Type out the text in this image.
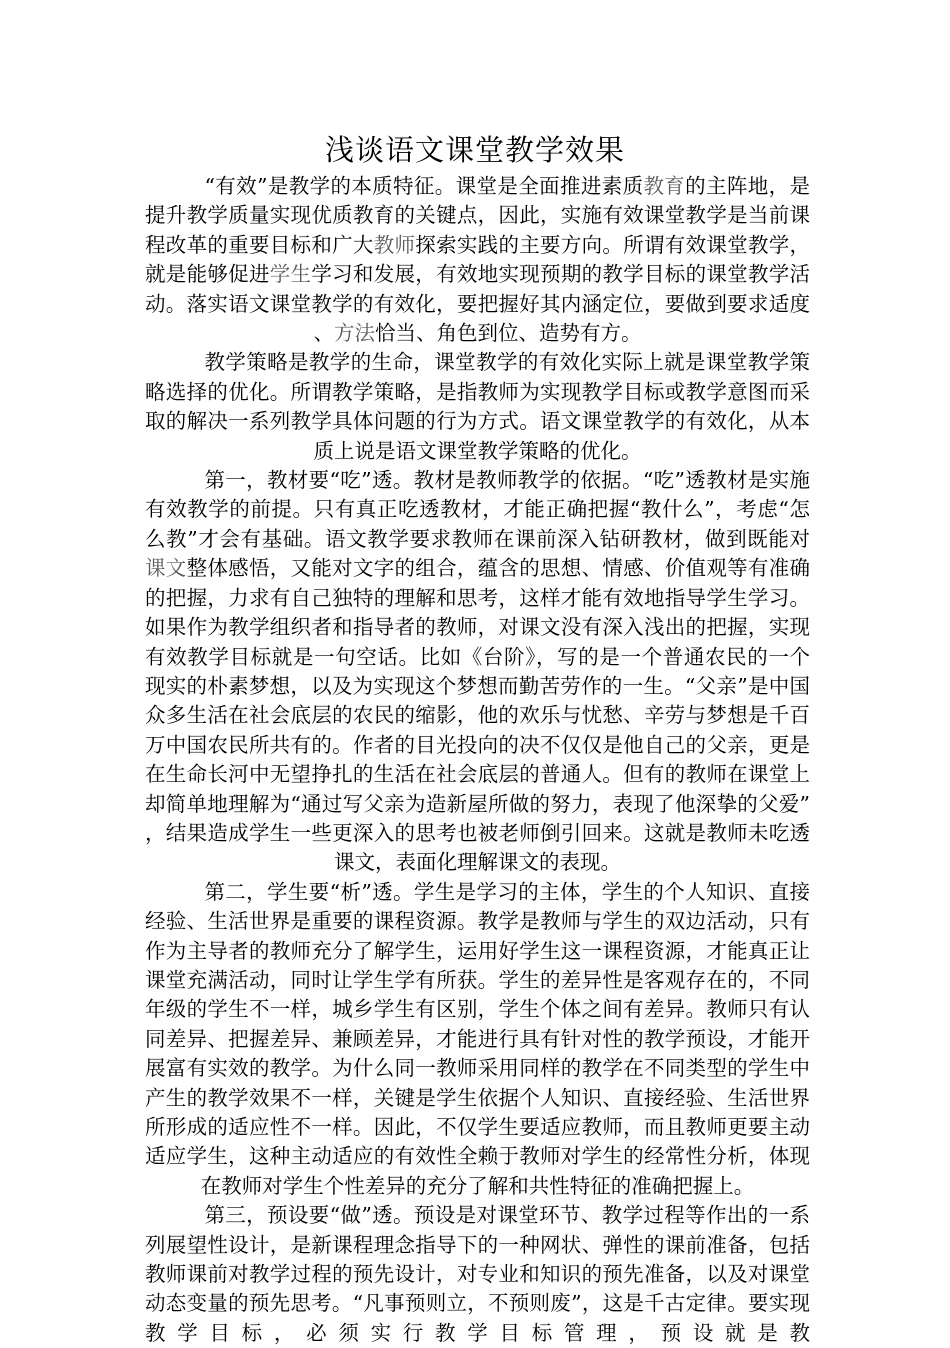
浅谈语文课堂教学效果

“有效”是教学的本质特征。课堂是全面推进素质教育的主阵地，是提升教学质量实现优质教育的关键点，因此，实施有效课堂教学是当前课程改革的重要目标和广大教师探索实践的主要方向。所谓有效课堂教学，就是能够促进学生学习和发展，有效地实现预期的教学目标的课堂教学活动。落实语文课堂教学的有效化，要把握好其内涵定位，要做到要求适度、方法恰当、角色到位、造势有方。

教学策略是教学的生命，课堂教学的有效化实际上就是课堂教学策略选择的优化。所谓教学策略，是指教师为实现教学目标或教学意图而采取的解决一系列教学具体问题的行为方式。语文课堂教学的有效化，从本质上说是语文课堂教学策略的优化。

第一，教材要“吃”透。教材是教师教学的依据。“吃”透教材是实施有效教学的前提。只有真正吃透教材，才能正确把握“教什么”，考虑“怎么教”才会有基础。语文教学要求教师在课前深入钻研教材，做到既能对课文整体感悟，又能对文字的组合，蕴含的思想、情感、价值观等有准确的把握，力求有自己独特的理解和思考，这样才能有效地指导学生学习。如果作为教学组织者和指导者的教师，对课文没有深入浅出的把握，实现有效教学目标就是一句空话。比如《台阶》，写的是一个普通农民的一个现实的朴素梦想，以及为实现这个梦想而勤苦劳作的一生。“父亲”是中国众多生活在社会底层的农民的缩影，他的欢乐与忧愁、辛劳与梦想是千百万中国农民所共有的。作者的目光投向的决不仅仅是他自己的父亲，更是在生命长河中无望挣扎的生活在社会底层的普通人。但有的教师在课堂上却简单地理解为“通过写父亲为造新屋所做的努力，表现了他深挚的父爱”，结果造成学生一些更深入的思考也被老师倒引回来。这就是教师未吃透课文，表面化理解课文的表现。

第二，学生要“析”透。学生是学习的主体，学生的个人知识、直接经验、生活世界是重要的课程资源。教学是教师与学生的双边活动，只有作为主导者的教师充分了解学生，运用好学生这一课程资源，才能真正让课堂充满活动，同时让学生学有所获。学生的差异性是客观存在的，不同年级的学生不一样，城乡学生有区别，学生个体之间有差异。教师只有认同差异、把握差异、兼顾差异，才能进行具有针对性的教学预设，才能开展富有实效的教学。为什么同一教师采用同样的教学在不同类型的学生中产生的教学效果不一样，关键是学生依据个人知识、直接经验、生活世界所形成的适应性不一样。因此，不仅学生要适应教师，而且教师更要主动适应学生，这种主动适应的有效性全赖于教师对学生的经常性分析，体现在教师对学生个性差异的充分了解和共性特征的准确把握上。

第三，预设要“做”透。预设是对课堂环节、教学过程等作出的一系列展望性设计，是新课程理念指导下的一种网状、弹性的课前准备，包括教师课前对教学过程的预先设计，对专业和知识的预先准备，以及对课堂动态变量的预先思考。“凡事预则立，不预则废”，这是千古定律。要实现教学目标，必须实行教学目标管理，预设就是教
